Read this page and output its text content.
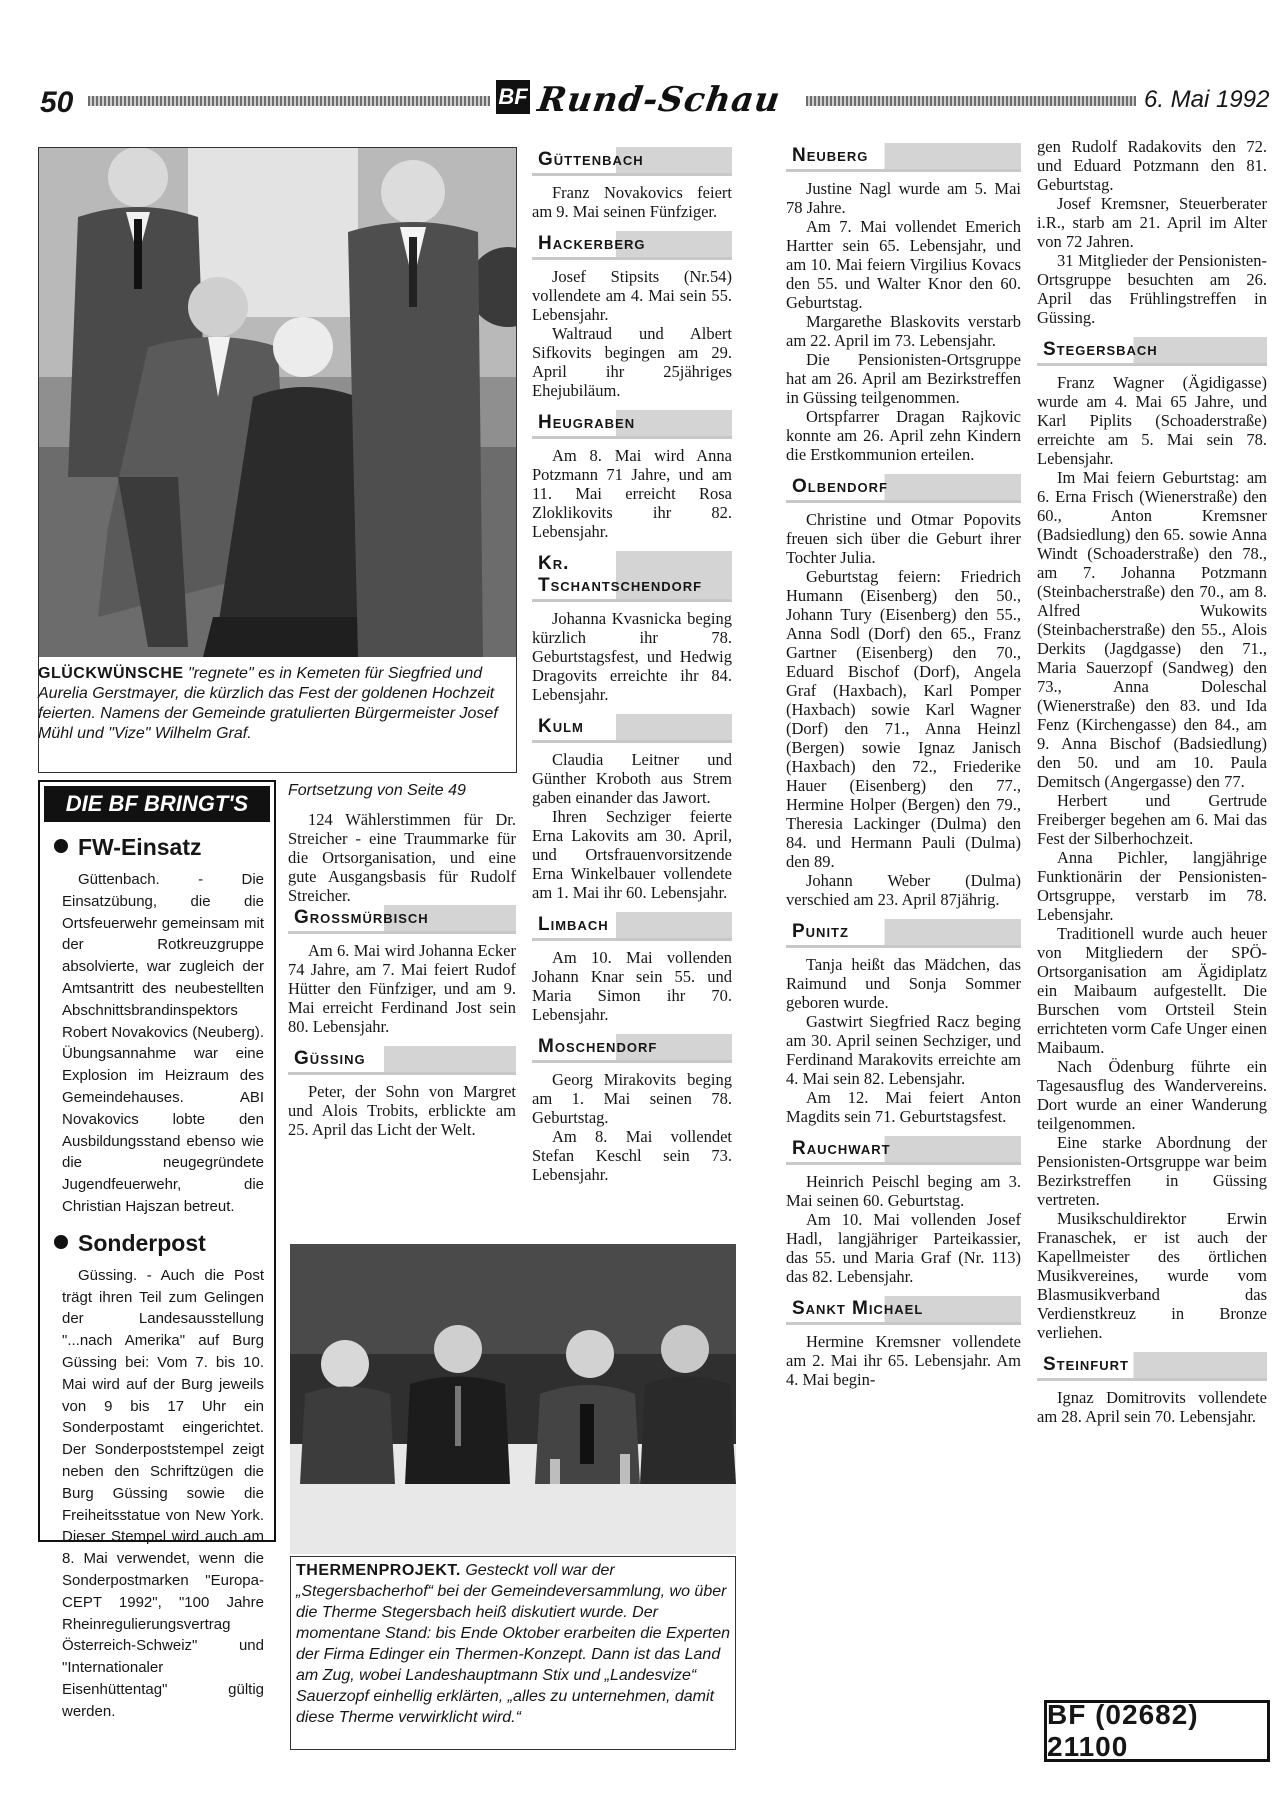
50	BF Rund-Schau	6. Mai 1992
GLÜCKWÜNSCHE "regnete" es in Kemeten für Siegfried und Aurelia Gerstmayer, die kürzlich das Fest der goldenen Hochzeit feierten. Namens der Gemeinde gratulierten Bürgermeister Josef Mühl und "Vize" Wilhelm Graf.
DIE BF BRINGT'S
FW-Einsatz
Güttenbach. - Die Einsatzübung, die die Ortsfeuerwehr gemeinsam mit der Rotkreuzgruppe absolvierte, war zugleich der Amtsantritt des neubestellten Abschnittsbrandinspektors Robert Novakovics (Neuberg). Übungsannahme war eine Explosion im Heizraum des Gemeindehauses. ABI Novakovics lobte den Ausbildungsstand ebenso wie die neugegründete Jugendfeuerwehr, die Christian Hajszan betreut.
Sonderpost
Güssing. - Auch die Post trägt ihren Teil zum Gelingen der Landesausstellung "...nach Amerika" auf Burg Güssing bei: Vom 7. bis 10. Mai wird auf der Burg jeweils von 9 bis 17 Uhr ein Sonderpostamt eingerichtet. Der Sonderpoststempel zeigt neben den Schriftzügen die Burg Güssing sowie die Freiheitsstatue von New York. Dieser Stempel wird auch am 8. Mai verwendet, wenn die Sonderpostmarken "Europa-CEPT 1992", "100 Jahre Rheinregulierungsvertrag Österreich-Schweiz" und "Internationaler Eisenhüttentag" gültig werden.
Fortsetzung von Seite 49

124 Wählerstimmen für Dr. Streicher - eine Traummarke für die Ortsorganisation, und eine gute Ausgangsbasis für Rudolf Streicher.

Grossmürbisch

Am 6. Mai wird Johanna Ecker 74 Jahre, am 7. Mai feiert Rudof Hütter den Fünfziger, und am 9. Mai erreicht Ferdinand Jost sein 80. Lebensjahr.

Güssing

Peter, der Sohn von Margret und Alois Trobits, erblickte am 25. April das Licht der Welt.

Güttenbach

Franz Novakovics feiert am 9. Mai seinen Fünfziger.

Hackerberg

Josef Stipsits (Nr.54) vollendete am 4. Mai sein 55. Lebensjahr.

Waltraud und Albert Sifkovits begingen am 29. April ihr 25jähriges Ehejubiläum.

Heugraben

Am 8. Mai wird Anna Potzmann 71 Jahre, und am 11. Mai erreicht Rosa Zloklikovits ihr 82. Lebensjahr.

Kr. Tschantschendorf

Johanna Kvasnicka beging kürzlich ihr 78. Geburtstagsfest, und Hedwig Dragovits erreichte ihr 84. Lebensjahr.

Kulm

Claudia Leitner und Günther Kroboth aus Strem gaben einander das Jawort.

Ihren Sechziger feierte Erna Lakovits am 30. April, und Ortsfrauenvorsitzende Erna Winkelbauer vollendete am 1. Mai ihr 60. Lebensjahr.

Limbach

Am 10. Mai vollenden Johann Knar sein 55. und Maria Simon ihr 70. Lebensjahr.

Moschendorf

Georg Mirakovits beging am 1. Mai seinen 78. Geburtstag.

Am 8. Mai vollendet Stefan Keschl sein 73. Lebensjahr.

Neuberg

Justine Nagl wurde am 5. Mai 78 Jahre.

Am 7. Mai vollendet Emerich Hartter sein 65. Lebensjahr, und am 10. Mai feiern Virgilius Kovacs den 55. und Walter Knor den 60. Geburtstag.

Margarethe Blaskovits verstarb am 22. April im 73. Lebensjahr.

Die Pensionisten-Ortsgruppe hat am 26. April am Bezirkstreffen in Güssing teilgenommen.

Ortspfarrer Dragan Rajkovic konnte am 26. April zehn Kindern die Erstkommunion erteilen.

Olbendorf

Christine und Otmar Popovits freuen sich über die Geburt ihrer Tochter Julia.

Geburtstag feiern: Friedrich Humann (Eisenberg) den 50., Johann Tury (Eisenberg) den 55., Anna Sodl (Dorf) den 65., Franz Gartner (Eisenberg) den 70., Eduard Bischof (Dorf), Angela Graf (Haxbach), Karl Pomper (Haxbach) sowie Karl Wagner (Dorf) den 71., Anna Heinzl (Bergen) sowie Ignaz Janisch (Haxbach) den 72., Friederike Hauer (Eisenberg) den 77., Hermine Holper (Bergen) den 79., Theresia Lackinger (Dulma) den 84. und Hermann Pauli (Dulma) den 89.

Johann Weber (Dulma) verschied am 23. April 87jährig.

Punitz

Tanja heißt das Mädchen, das Raimund und Sonja Sommer geboren wurde.

Gastwirt Siegfried Racz beging am 30. April seinen Sechziger, und Ferdinand Marakovits erreichte am 4. Mai sein 82. Lebensjahr.

Am 12. Mai feiert Anton Magdits sein 71. Geburtstagsfest.

Rauchwart

Heinrich Peischl beging am 3. Mai seinen 60. Geburtstag.

Am 10. Mai vollenden Josef Hadl, langjähriger Parteikassier, das 55. und Maria Graf (Nr. 113) das 82. Lebensjahr.

Sankt Michael

Hermine Kremsner vollendete am 2. Mai ihr 65. Lebensjahr. Am 4. Mai begin-

gen Rudolf Radakovits den 72. und Eduard Potzmann den 81. Geburtstag.

Josef Kremsner, Steuerberater i.R., starb am 21. April im Alter von 72 Jahren.

31 Mitglieder der Pensionisten-Ortsgruppe besuchten am 26. April das Frühlingstreffen in Güssing.

Stegersbach

Franz Wagner (Ägidigasse) wurde am 4. Mai 65 Jahre, und Karl Piplits (Schoaderstraße) erreichte am 5. Mai sein 78. Lebensjahr.

Im Mai feiern Geburtstag: am 6. Erna Frisch (Wienerstraße) den 60., Anton Kremsner (Badsiedlung) den 65. sowie Anna Windt (Schoaderstraße) den 78., am 7. Johanna Potzmann (Steinbacherstraße) den 70., am 8. Alfred Wukowits (Steinbacherstraße) den 55., Alois Derkits (Jagdgasse) den 71., Maria Sauerzopf (Sandweg) den 73., Anna Doleschal (Wienerstraße) den 83. und Ida Fenz (Kirchengasse) den 84., am 9. Anna Bischof (Badsiedlung) den 50. und am 10. Paula Demitsch (Angergasse) den 77.

Herbert und Gertrude Freiberger begehen am 6. Mai das Fest der Silberhochzeit.

Anna Pichler, langjährige Funktionärin der Pensionisten-Ortsgruppe, verstarb im 78. Lebensjahr.

Traditionell wurde auch heuer von Mitgliedern der SPÖ-Ortsorganisation am Ägidiplatz ein Maibaum aufgestellt. Die Burschen vom Ortsteil Stein errichteten vorm Cafe Unger einen Maibaum.

Nach Ödenburg führte ein Tagesausflug des Wandervereins. Dort wurde an einer Wanderung teilgenommen.

Eine starke Abordnung der Pensionisten-Ortsgruppe war beim Bezirkstreffen in Güssing vertreten.

Musikschuldirektor Erwin Franaschek, er ist auch der Kapellmeister des örtlichen Musikvereines, wurde vom Blasmusikverband das Verdienstkreuz in Bronze verliehen.

Steinfurt

Ignaz Domitrovits vollendete am 28. April sein 70. Lebensjahr.

THERMENPROJEKT. Gesteckt voll war der „Stegersbacherhof“ bei der Gemeindeversammlung, wo über die Therme Stegersbach heiß diskutiert wurde. Der momentane Stand: bis Ende Oktober erarbeiten die Experten der Firma Edinger ein Thermen-Konzept. Dann ist das Land am Zug, wobei Landeshauptmann Stix und „Landesvize“ Sauerzopf einhellig erklärten, „alles zu unternehmen, damit diese Therme verwirklicht wird.“	BF (02682) 21100
